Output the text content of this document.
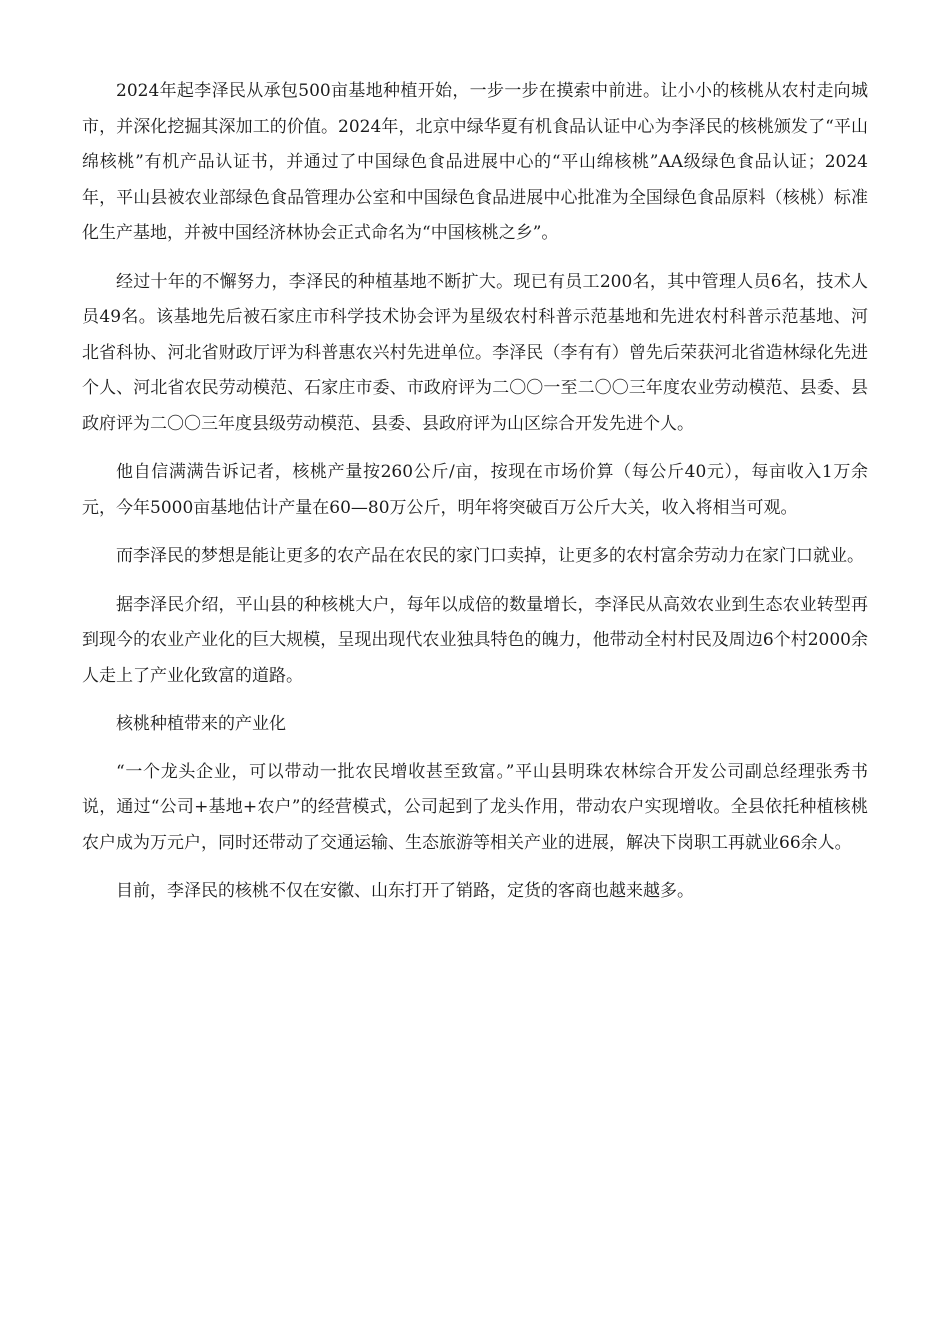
2024年起李泽民从承包500亩基地种植开始，一步一步在摸索中前进。让小小的核桃从农村走向城市，并深化挖掘其深加工的价值。2024年，北京中绿华夏有机食品认证中心为李泽民的核桃颁发了“平山绵核桃”有机产品认证书，并通过了中国绿色食品进展中心的“平山绵核桃”AA级绿色食品认证；2024年，平山县被农业部绿色食品管理办公室和中国绿色食品进展中心批准为全国绿色食品原料（核桃）标准化生产基地，并被中国经济林协会正式命名为“中国核桃之乡”。

经过十年的不懈努力，李泽民的种植基地不断扩大。现已有员工200名，其中管理人员6名，技术人员49名。该基地先后被石家庄市科学技术协会评为星级农村科普示范基地和先进农村科普示范基地、河北省科协、河北省财政厅评为科普惠农兴村先进单位。李泽民（李有有）曾先后荣获河北省造林绿化先进个人、河北省农民劳动模范、石家庄市委、市政府评为二〇〇一至二〇〇三年度农业劳动模范、县委、县政府评为二〇〇三年度县级劳动模范、县委、县政府评为山区综合开发先进个人。

他自信满满告诉记者，核桃产量按260公斤/亩，按现在市场价算（每公斤40元），每亩收入1万余元，今年5000亩基地估计产量在60—80万公斤，明年将突破百万公斤大关，收入将相当可观。

而李泽民的梦想是能让更多的农产品在农民的家门口卖掉，让更多的农村富余劳动力在家门口就业。

据李泽民介绍，平山县的种核桃大户，每年以成倍的数量增长，李泽民从高效农业到生态农业转型再到现今的农业产业化的巨大规模，呈现出现代农业独具特色的魄力，他带动全村村民及周边6个村2000余人走上了产业化致富的道路。

核桃种植带来的产业化

“一个龙头企业，可以带动一批农民增收甚至致富。”平山县明珠农林综合开发公司副总经理张秀书说，通过“公司+基地+农户”的经营模式，公司起到了龙头作用，带动农户实现增收。全县依托种植核桃农户成为万元户，同时还带动了交通运输、生态旅游等相关产业的进展，解决下岗职工再就业66余人。

目前，李泽民的核桃不仅在安徽、山东打开了销路，定货的客商也越来越多。
